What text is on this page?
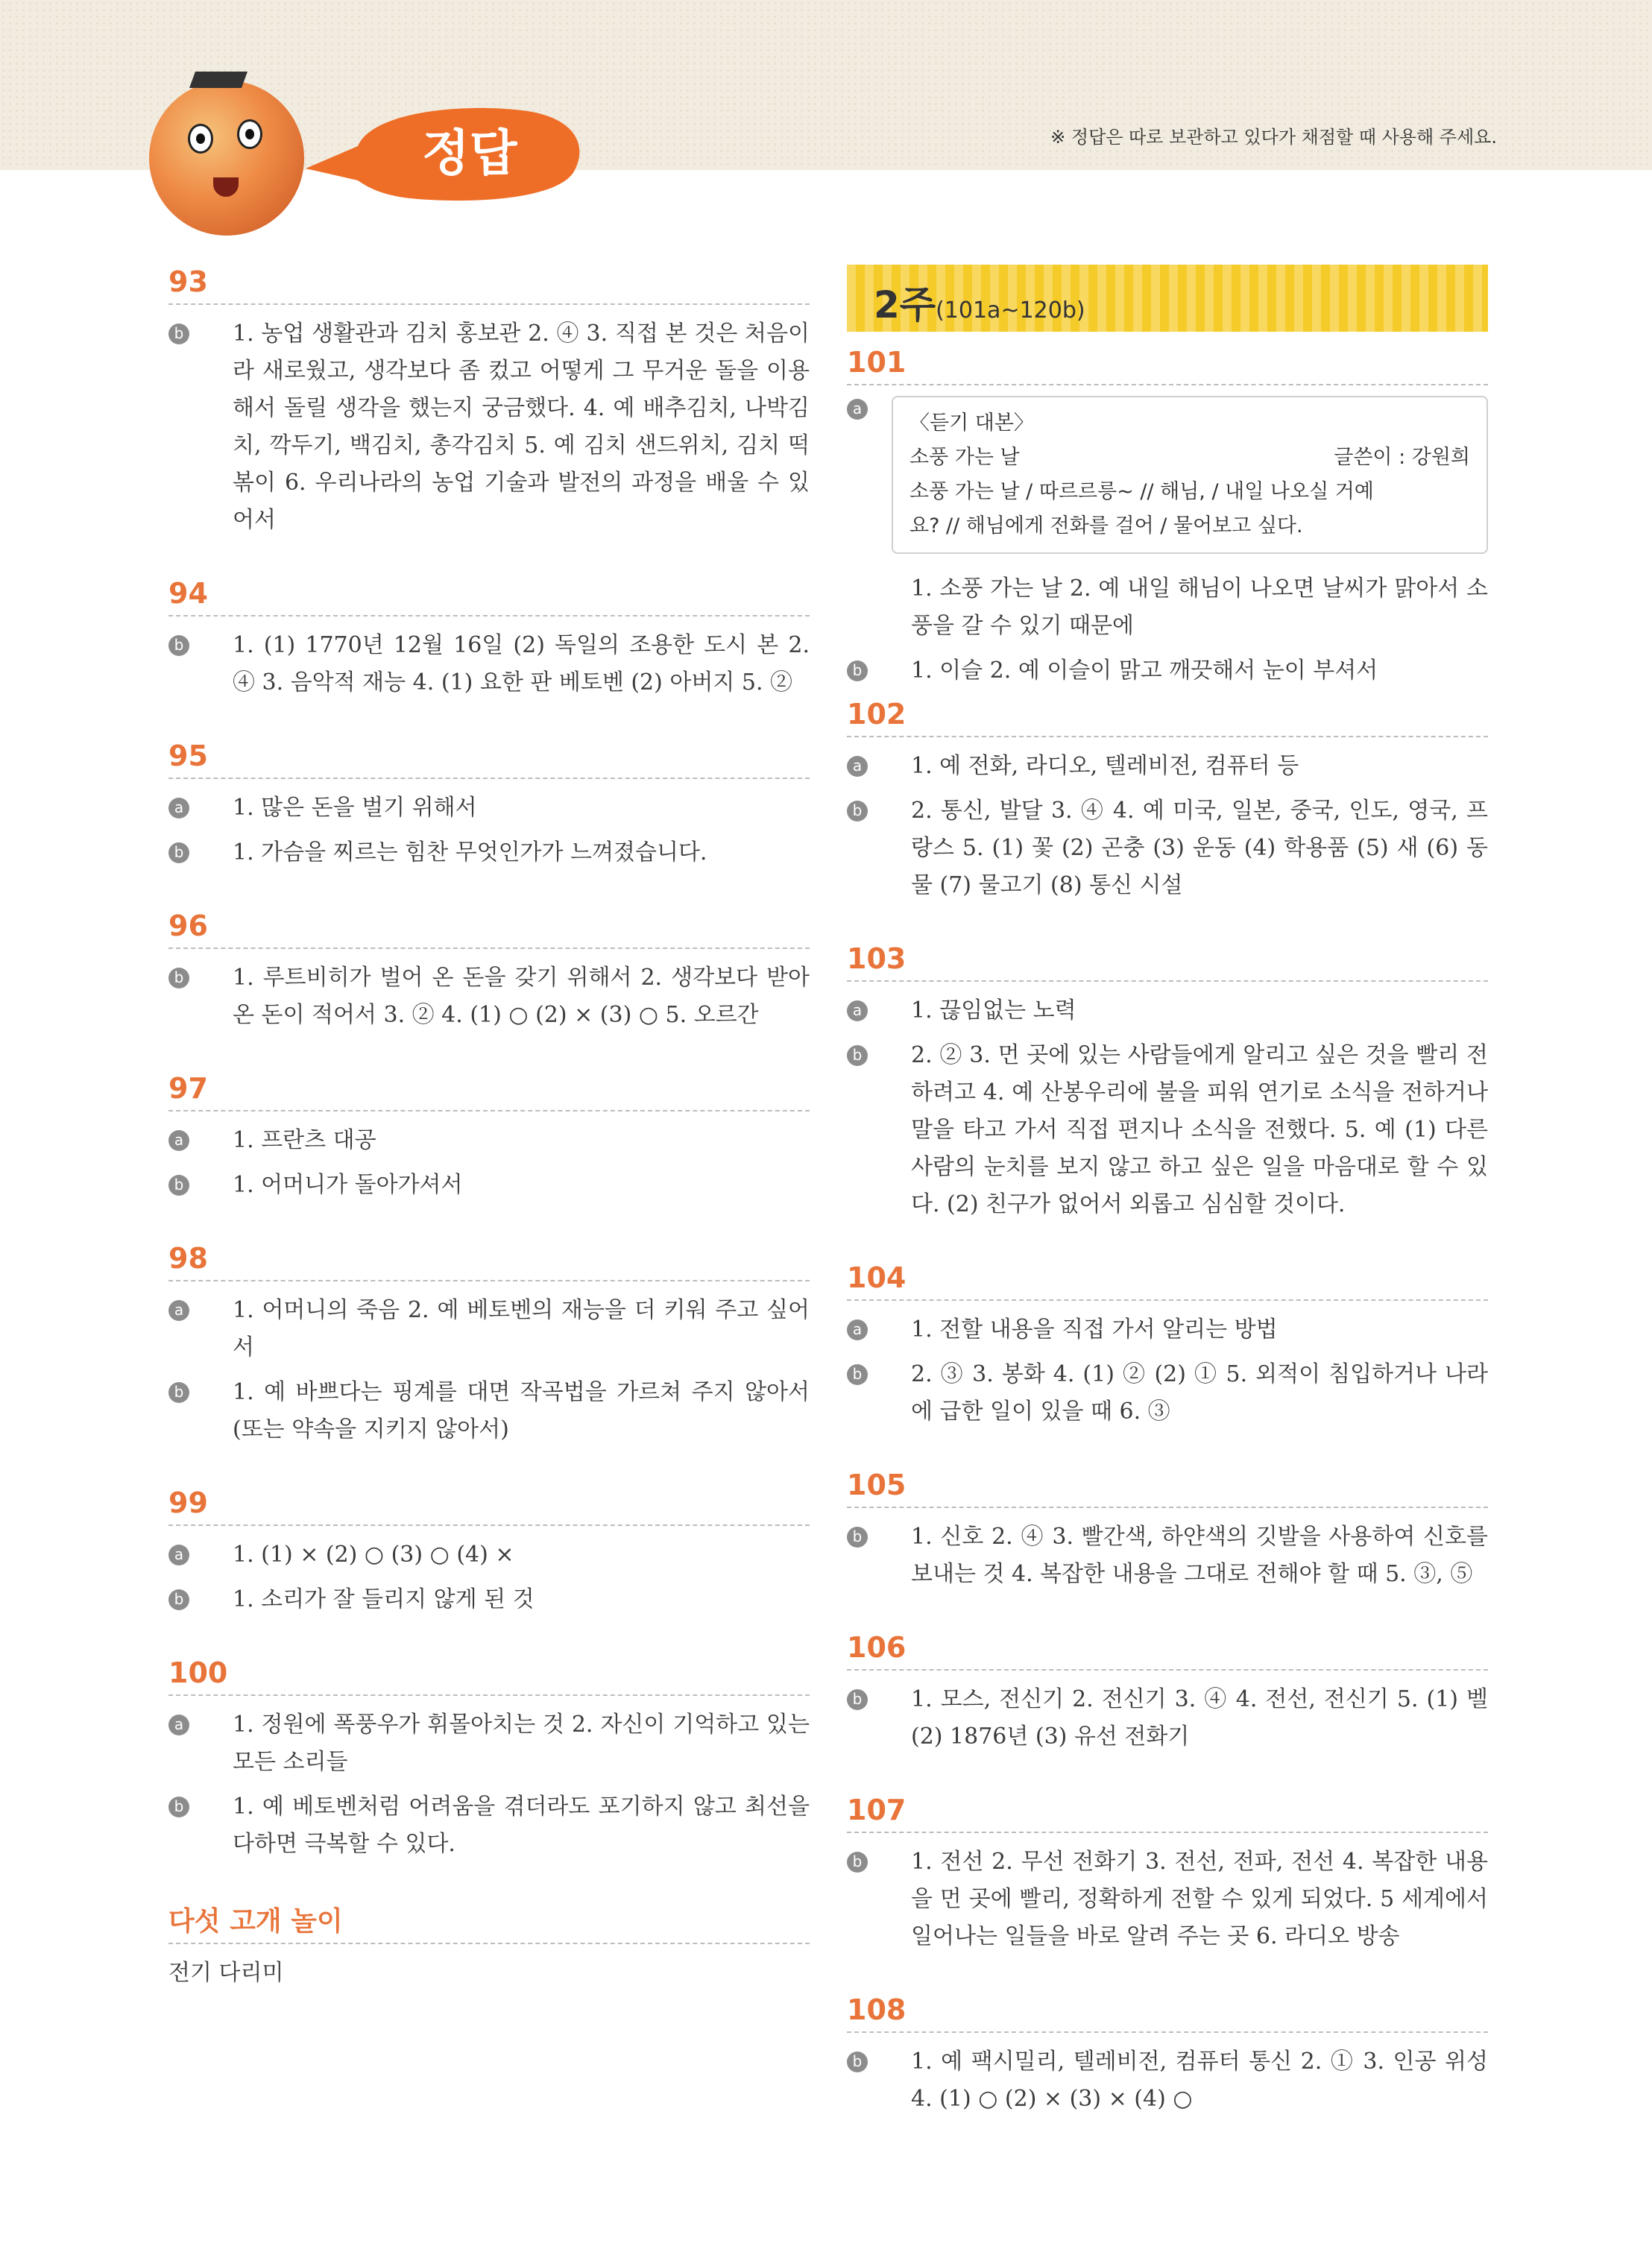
※ 정답은 따로 보관하고 있다가 채점할 때 사용해 주세요.
정답
93
b 1. 농업 생활관과 김치 홍보관 2. ④ 3. 직접 본 것은 처음이라 새로웠고, 생각보다 좀 컸고 어떻게 그 무거운 돌을 이용해서 돌릴 생각을 했는지 궁금했다. 4. 예 배추김치, 나박김치, 깍두기, 백김치, 총각김치 5. 예 김치 샌드위치, 김치 떡볶이 6. 우리나라의 농업 기술과 발전의 과정을 배울 수 있어서
94
b 1. (1) 1770년 12월 16일 (2) 독일의 조용한 도시 본 2. ④ 3. 음악적 재능 4. (1) 요한 판 베토벤 (2) 아버지 5. ②
95
a 1. 많은 돈을 벌기 위해서
b 1. 가슴을 찌르는 힘찬 무엇인가가 느껴졌습니다.
96
b 1. 루트비히가 벌어 온 돈을 갖기 위해서 2. 생각보다 받아온 돈이 적어서 3. ② 4. (1) ○ (2) × (3) ○ 5. 오르간
97
a 1. 프란츠 대공
b 1. 어머니가 돌아가셔서
98
a 1. 어머니의 죽음 2. 예 베토벤의 재능을 더 키워 주고 싶어서
b 1. 예 바쁘다는 핑계를 대면 작곡법을 가르쳐 주지 않아서(또는 약속을 지키지 않아서)
99
a 1. (1) × (2) ○ (3) ○ (4) ×
b 1. 소리가 잘 들리지 않게 된 것
100
a 1. 정원에 폭풍우가 휘몰아치는 것 2. 자신이 기억하고 있는 모든 소리들
b 1. 예 베토벤처럼 어려움을 겪더라도 포기하지 않고 최선을 다하면 극복할 수 있다.
다섯 고개 놀이
전기 다리미
2주(101a~120b)
101
a
〈듣기 대본〉
소풍 가는 날	글쓴이 : 강원희
소풍 가는 날 / 따르르릉~ // 해님, / 내일 나오실 거예
요? // 해님에게 전화를 걸어 / 물어보고 싶다.
1. 소풍 가는 날 2. 예 내일 해님이 나오면 날씨가 맑아서 소풍을 갈 수 있기 때문에
b 1. 이슬 2. 예 이슬이 맑고 깨끗해서 눈이 부셔서
102
a 1. 예 전화, 라디오, 텔레비전, 컴퓨터 등
b 2. 통신, 발달 3. ④ 4. 예 미국, 일본, 중국, 인도, 영국, 프랑스 5. (1) 꽃 (2) 곤충 (3) 운동 (4) 학용품 (5) 새 (6) 동물 (7) 물고기 (8) 통신 시설
103
a 1. 끊임없는 노력
b 2. ② 3. 먼 곳에 있는 사람들에게 알리고 싶은 것을 빨리 전하려고 4. 예 산봉우리에 불을 피워 연기로 소식을 전하거나 말을 타고 가서 직접 편지나 소식을 전했다. 5. 예 (1) 다른 사람의 눈치를 보지 않고 하고 싶은 일을 마음대로 할 수 있다. (2) 친구가 없어서 외롭고 심심할 것이다.
104
a 1. 전할 내용을 직접 가서 알리는 방법
b 2. ③ 3. 봉화 4. (1) ② (2) ① 5. 외적이 침입하거나 나라에 급한 일이 있을 때 6. ③
105
b 1. 신호 2. ④ 3. 빨간색, 하얀색의 깃발을 사용하여 신호를 보내는 것 4. 복잡한 내용을 그대로 전해야 할 때 5. ③, ⑤
106
b 1. 모스, 전신기 2. 전신기 3. ④ 4. 전선, 전신기 5. (1) 벨 (2) 1876년 (3) 유선 전화기
107
b 1. 전선 2. 무선 전화기 3. 전선, 전파, 전선 4. 복잡한 내용을 먼 곳에 빨리, 정확하게 전할 수 있게 되었다. 5 세계에서 일어나는 일들을 바로 알려 주는 곳 6. 라디오 방송
108
b 1. 예 팩시밀리, 텔레비전, 컴퓨터 통신 2. ① 3. 인공 위성 4. (1) ○ (2) × (3) × (4) ○
